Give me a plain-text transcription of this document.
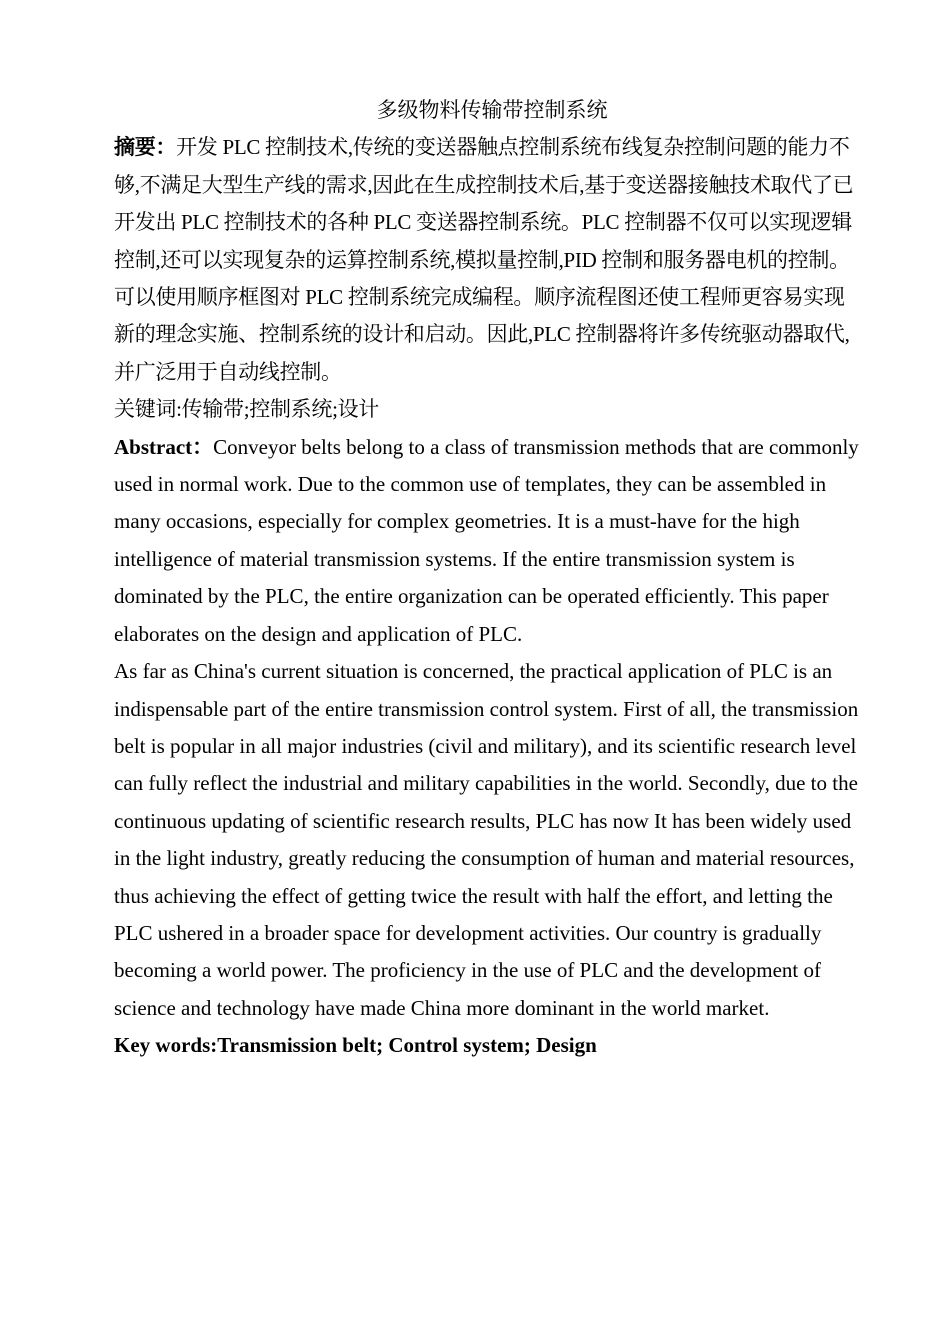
多级物料传输带控制系统

摘要：开发 PLC 控制技术,传统的变送器触点控制系统布线复杂控制问题的能力不够,不满足大型生产线的需求,因此在生成控制技术后,基于变送器接触技术取代了已开发出 PLC 控制技术的各种 PLC 变送器控制系统。PLC 控制器不仅可以实现逻辑控制,还可以实现复杂的运算控制系统,模拟量控制,PID 控制和服务器电机的控制。可以使用顺序框图对 PLC 控制系统完成编程。顺序流程图还使工程师更容易实现新的理念实施、控制系统的设计和启动。因此,PLC 控制器将许多传统驱动器取代,并广泛用于自动线控制。

关键词:传输带;控制系统;设计

Abstract：Conveyor belts belong to a class of transmission methods that are commonly used in normal work. Due to the common use of templates, they can be assembled in many occasions, especially for complex geometries. It is a must-have for the high intelligence of material transmission systems. If the entire transmission system is dominated by the PLC, the entire organization can be operated efficiently. This paper elaborates on the design and application of PLC.

As far as China's current situation is concerned, the practical application of PLC is an indispensable part of the entire transmission control system. First of all, the transmission belt is popular in all major industries (civil and military), and its scientific research level can fully reflect the industrial and military capabilities in the world. Secondly, due to the continuous updating of scientific research results, PLC has now It has been widely used in the light industry, greatly reducing the consumption of human and material resources, thus achieving the effect of getting twice the result with half the effort, and letting the PLC ushered in a broader space for development activities. Our country is gradually becoming a world power. The proficiency in the use of PLC and the development of science and technology have made China more dominant in the world market.

Key words:Transmission belt; Control system; Design
